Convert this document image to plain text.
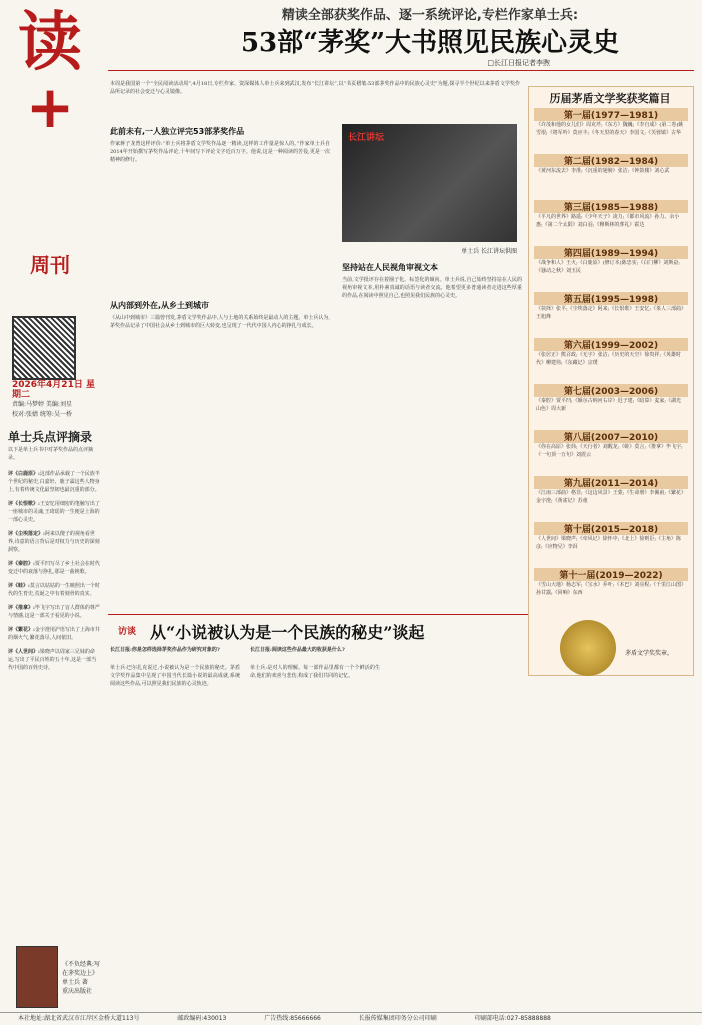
读
+
周刊
2026年4月21日 星期二
责编:马梦婷 美编:刘星
校对:张婧 统筹:吴一桥
精读全部获奖作品、逐一系统评论,专栏作家单士兵:
53部“茅奖”大书照见民族心灵史
□长江日报记者李煦
本周是我国第一个“全民阅读活动周”,4月18日,专栏作家、资深媒体人单士兵来到武汉,发布“长江讲坛”,以“书页褶皱:53部茅奖作品中的民族心灵史”为题,探寻半个世纪以来茅盾文学奖作品所记录的社会变迁与心灵镜像。
此前未有,一人独立评完53部茅奖作品
作家蒋子龙曾这样评价:“单士兵将茅盾文学奖作品逐一精读,这样的工作量是惊人的。”作家单士兵自2014年开始撰写茅奖作品评论,十年间写下评论文字近百万字。他说,这是一种阅读的苦役,更是一次精神的修行。
从内部到外在,从乡土到城市
《从山中到城市》三篇曾刊发,茅盾文学奖作品中,人与土地的关系始终是最动人的主题。单士兵认为,茅奖作品记录了中国社会从乡土到城市的巨大转变,也呈现了一代代中国人内心的挣扎与成长。
长江讲坛
单士兵 长江讲坛供图
坚持站在人民视角审视文本
当前,文学批评存在着圈子化、标签化的倾向。单士兵说,自己始终坚持站在人民的视角审视文本,用朴素真诚的话语与读者交流。他希望更多普通读者走进这些厚重的作品,在阅读中照见自己,也照见我们民族的心灵史。
单士兵点评摘录
以下是单士兵书中对茅奖作品的点评摘录。
评《白鹿原》:这部作品承载了一个民族半个世纪的秘史,白嘉轩、鹿子霖这些人物身上,有着传统文化最坚韧也最沉重的部分。
评《长恨歌》:王安忆用细密的笔触写出了一座城市的灵魂,王琦瑶的一生便是上海的一部心灵史。
评《尘埃落定》:阿来以傻子的视角看世界,诗意的语言背后是对权力与历史的深刻洞察。
评《秦腔》:贾平凹写尽了乡土社会在时代变迁中的衰落与挣扎,那是一曲挽歌。
评《蛙》:莫言以姑姑的一生映照出一个时代的生育史,荒诞之中有着刻骨的真实。
评《推拿》:毕飞宇写出了盲人群体的尊严与情感,这是一部关于看见的小说。
评《繁花》:金宇澄用沪语写出了上海市井的烟火气,繁花落尽,人间依旧。
评《人世间》:梁晓声以周家三兄妹的命运,写出了平民百姓的五十年,这是一部当代中国的百姓史诗。
历届茅盾文学奖获奖篇目
第一届(1977—1981)
《许茂和他的女儿们》周克芹;《东方》魏巍;《李自成》(第二卷)姚雪垠;《将军吟》莫应丰;《冬天里的春天》李国文;《芙蓉镇》古华
第二届(1982—1984)
《黄河东流去》李准;《沉重的翅膀》张洁;《钟鼓楼》刘心武
第三届(1985—1988)
《平凡的世界》路遥;《少年天子》凌力;《都市风流》孙力、余小惠;《第二个太阳》刘白羽;《穆斯林的葬礼》霍达
第四届(1989—1994)
《战争和人》王火;《白鹿原》(修订本)陈忠实;《白门柳》刘斯奋;《骚动之秋》刘玉民
第五届(1995—1998)
《抉择》张平;《尘埃落定》阿来;《长恨歌》王安忆;《茶人三部曲》王旭烽
第六届(1999—2002)
《张居正》熊召政;《无字》张洁;《历史的天空》徐贵祥;《英雄时代》柳建伟;《东藏记》宗璞
第七届(2003—2006)
《秦腔》贾平凹;《额尔古纳河右岸》迟子建;《暗算》麦家;《湖光山色》周大新
第八届(2007—2010)
《你在高原》张炜;《天行者》刘醒龙;《蛙》莫言;《推拿》毕飞宇;《一句顶一万句》刘震云
第九届(2011—2014)
《江南三部曲》格非;《这边风景》王蒙;《生命册》李佩甫;《繁花》金宇澄;《黄雀记》苏童
第十届(2015—2018)
《人世间》梁晓声;《牵风记》徐怀中;《北上》徐则臣;《主角》陈彦;《应物兄》李洱
第十一届(2019—2022)
《雪山大地》杨志军;《宝水》乔叶;《本巴》刘亮程;《千里江山图》孙甘露;《回响》东西
茅盾文学奖奖章。
访谈 从“小说被认为是一个民族的秘史”谈起
长江日报:你是怎样选择茅奖作品作为研究对象的?
单士兵:巴尔扎克说过,小说被认为是一个民族的秘史。茅盾文学奖作品集中呈现了中国当代长篇小说的最高成就,系统阅读这些作品,可以照见我们民族的心灵轨迹。
长江日报:阅读这些作品最大的收获是什么?
单士兵:是对人的理解。每一部作品里都有一个个鲜活的生命,他们的欢喜与悲伤,构成了我们共同的记忆。
《不负经典:写在茅奖边上》
单士兵 著
重庆出版社
本社地址:湖北省武汉市江岸区金桥大道113号	邮政编码:430013	广告热线:85666666	长报传媒集团印务分公司印刷	印刷部电话:027-85888888
